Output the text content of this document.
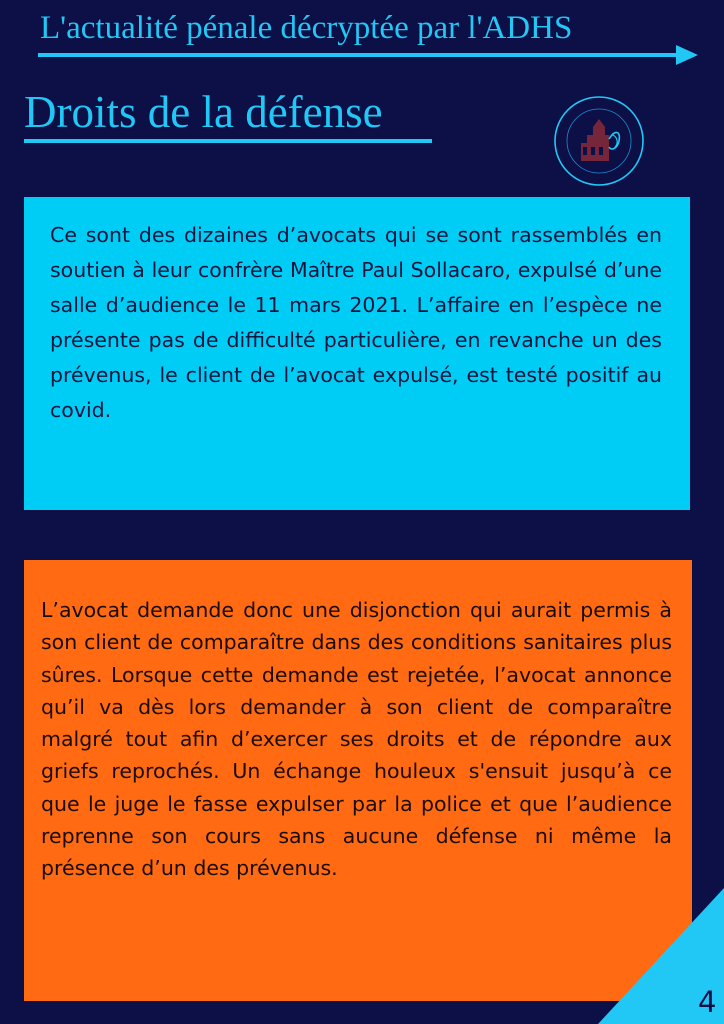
L'actualité pénale décryptée par l'ADHS
Droits de la défense
Ce sont des dizaines d’avocats qui se sont rassemblés en soutien à leur confrère Maître Paul Sollacaro, expulsé d’une salle d’audience le 11 mars 2021. L’affaire en l’espèce ne présente pas de difficulté particulière, en revanche un des prévenus, le client de l’avocat expulsé, est testé positif au covid.
L’avocat demande donc une disjonction qui aurait permis à son client de comparaître dans des conditions sanitaires plus sûres. Lorsque cette demande est rejetée, l’avocat annonce qu’il va dès lors demander à son client de comparaître malgré tout afin d’exercer ses droits et de répondre aux griefs reprochés. Un échange houleux s'ensuit jusqu’à ce que le juge le fasse expulser par la police et que l’audience reprenne son cours sans aucune défense ni même la présence d’un des prévenus.
4
